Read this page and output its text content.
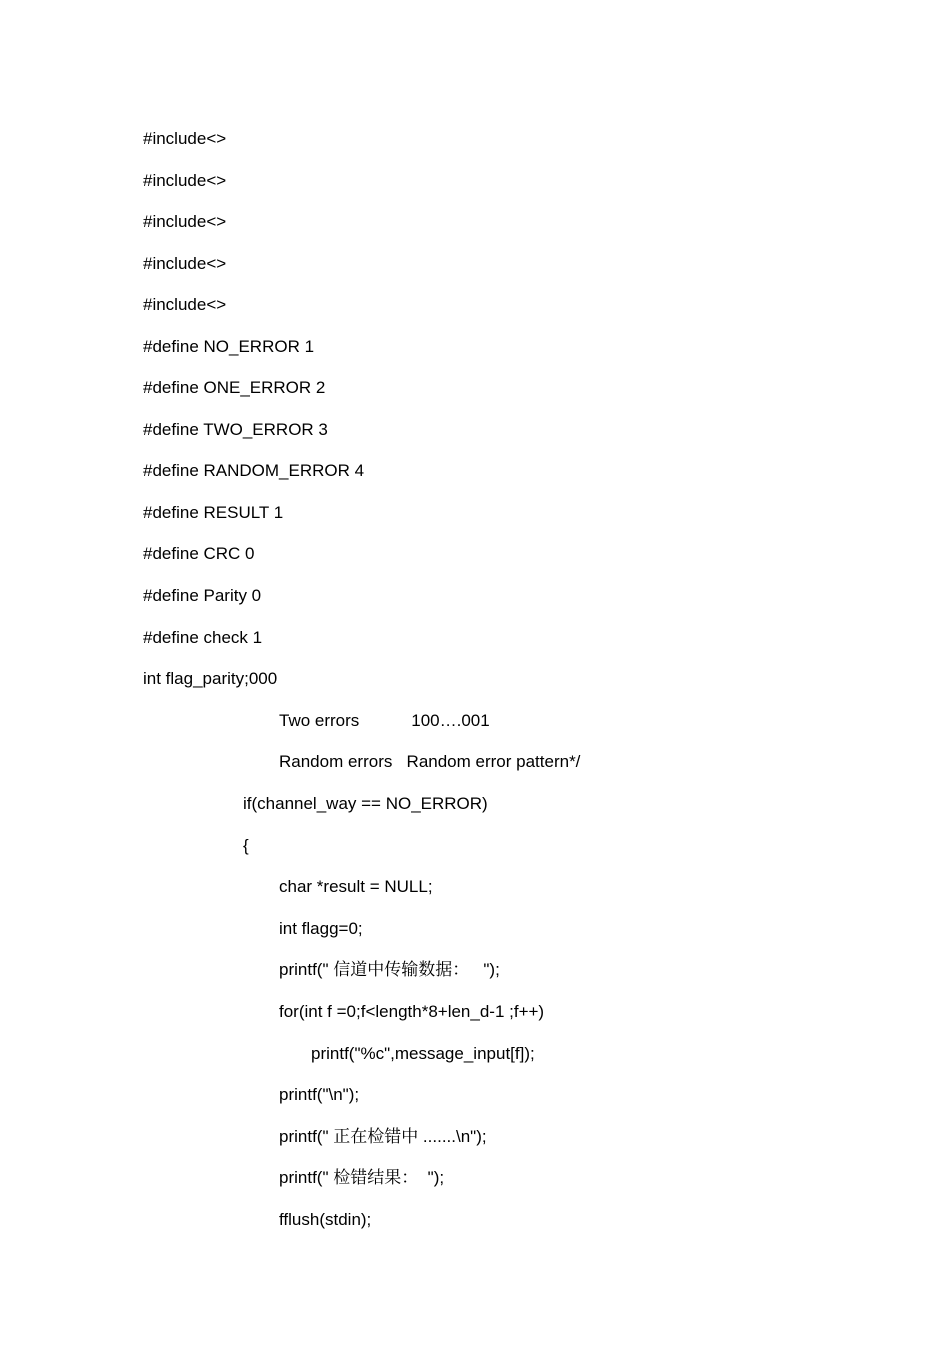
#include<>
#include<>
#include<>
#include<>
#include<>
#define NO_ERROR 1
#define ONE_ERROR 2
#define TWO_ERROR 3
#define RANDOM_ERROR 4
#define RESULT 1
#define CRC 0
#define Parity 0
#define check 1
int flag_parity;000
Two errors           100….001
Random errors   Random error pattern*/
if(channel_way == NO_ERROR)
{
char *result = NULL;
int flagg=0;
printf(" 信道中传输数据：   ");
for(int f =0;f<length*8+len_d-1 ;f++)
printf("%c",message_input[f]);
printf("\n");
printf(" 正在检错中 .......\n");
printf(" 检错结果：  ");
fflush(stdin);
